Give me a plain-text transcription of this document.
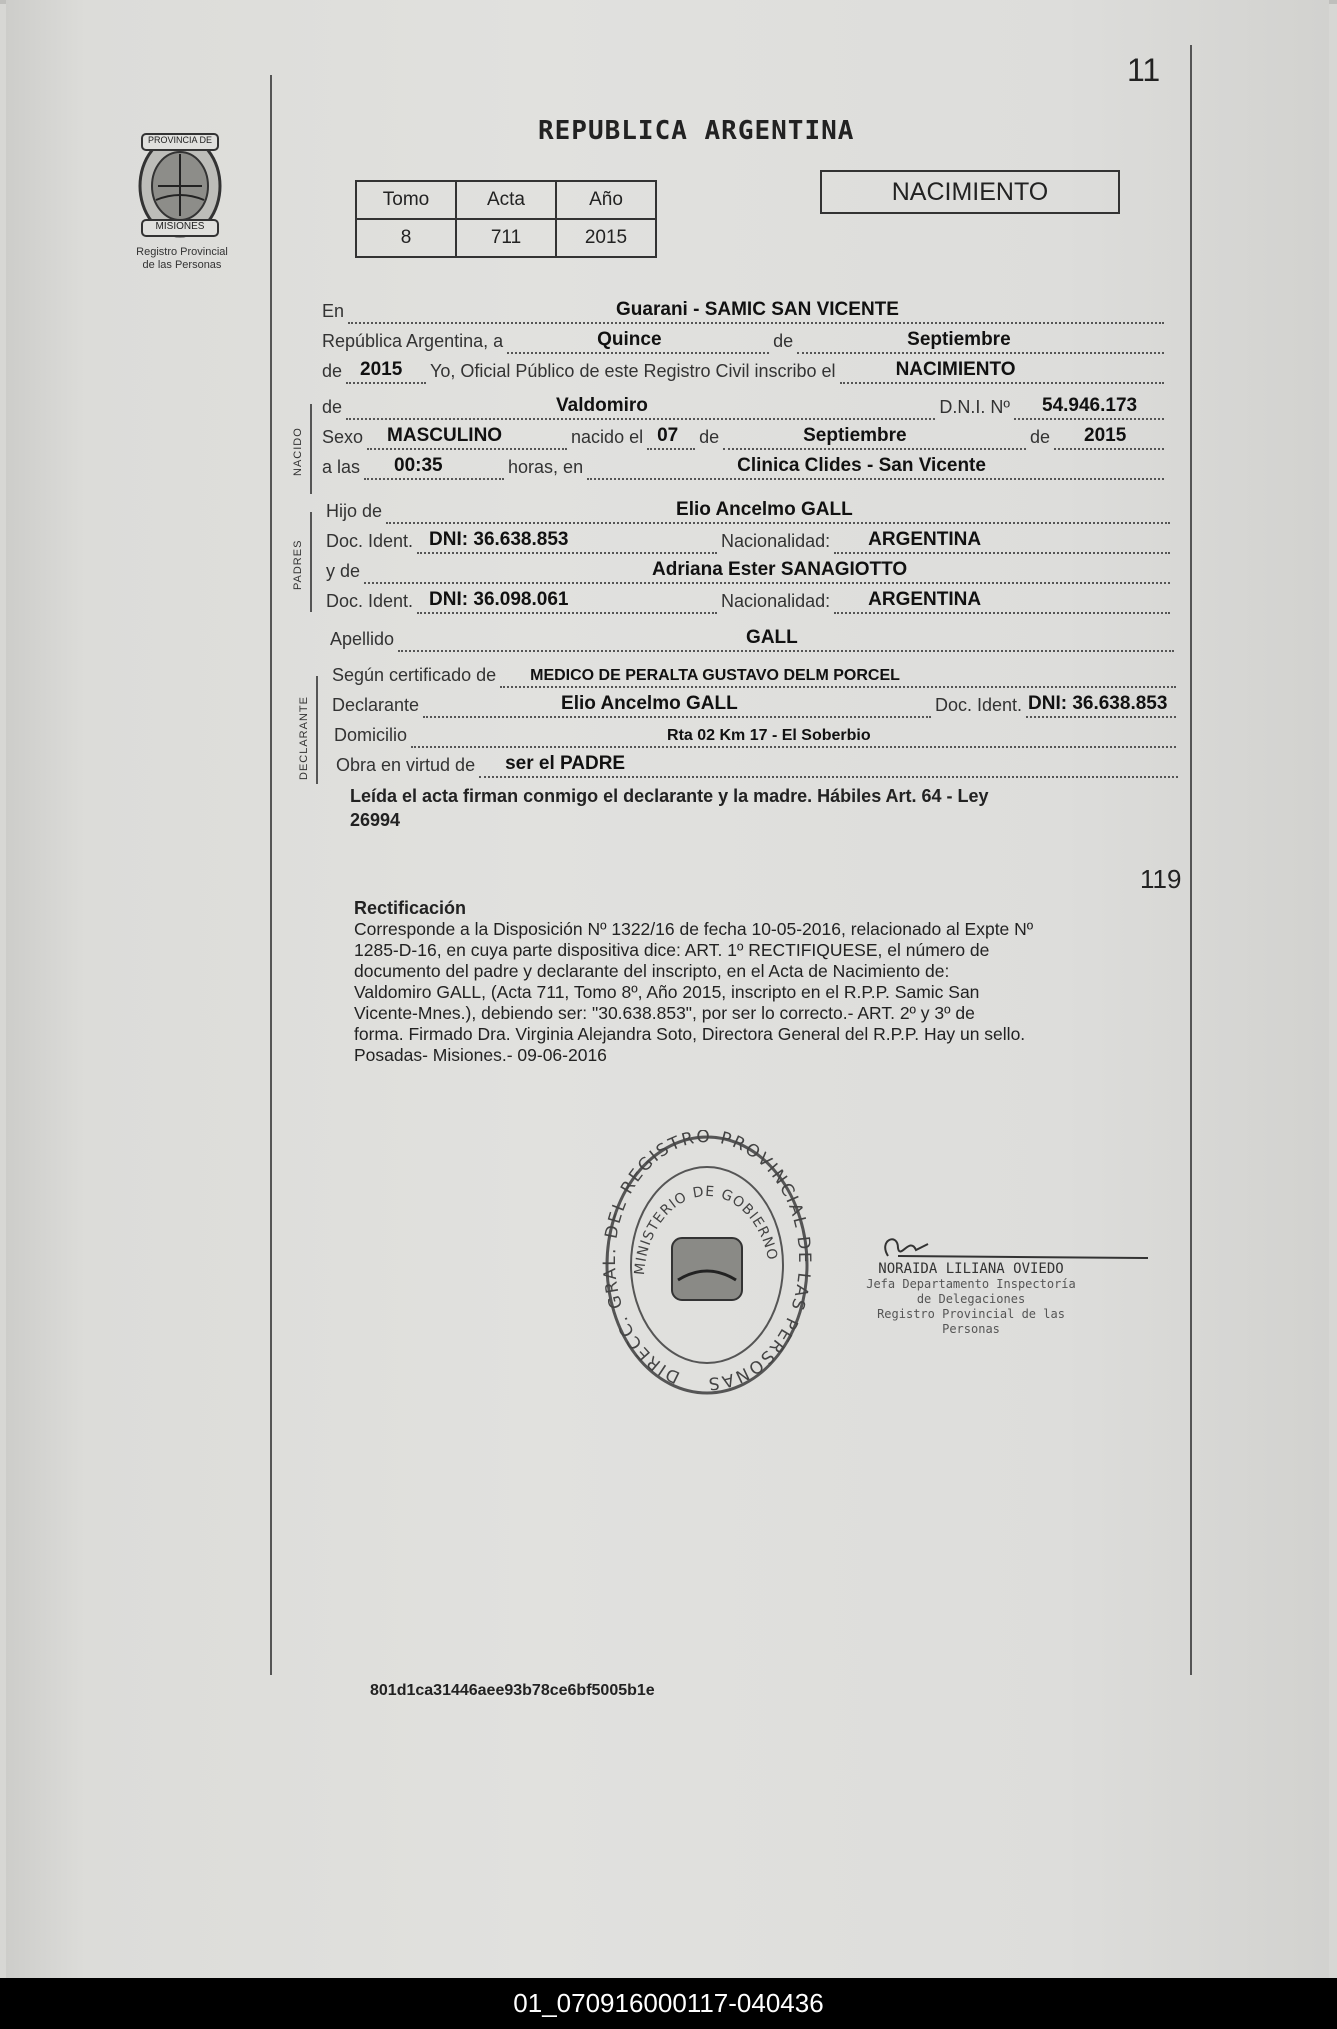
11
PROVINCIA DE
MISIONES
Registro Provincial
de las Personas
REPUBLICA ARGENTINA
Tomo	Acta	Año
8	711	2015
NACIMIENTO
En	Guarani - SAMIC SAN VICENTE
República Argentina, a	Quince	de	Septiembre
de 2015 Yo, Oficial Público de este Registro Civil inscribo el	NACIMIENTO
NACIDO
de	Valdomiro	D.N.I. Nº 54.946.173
Sexo MASCULINO	nacido el 07 de	Septiembre	de 2015
a las 00:35	horas, en	Clinica Clides - San Vicente
PADRES
Hijo de	Elio Ancelmo GALL
Doc. Ident. DNI: 36.638.853	Nacionalidad: ARGENTINA
y de	Adriana Ester SANAGIOTTO
Doc. Ident. DNI: 36.098.061	Nacionalidad: ARGENTINA
Apellido	GALL
DECLARANTE
Según certificado de MEDICO DE PERALTA GUSTAVO DELM PORCEL
Declarante	Elio Ancelmo GALL	Doc. Ident. DNI: 36.638.853
Domicilio	Rta 02 Km 17 - El Soberbio
Obra en virtud de ser el PADRE
Leída el acta firman conmigo el declarante y la madre. Hábiles Art. 64 - Ley
26994
119
Rectificación
Corresponde a la Disposición Nº 1322/16 de fecha 10-05-2016, relacionado al Expte Nº
1285-D-16, en cuya parte dispositiva dice: ART. 1º RECTIFIQUESE, el número de
documento del padre y declarante del inscripto, en el Acta de Nacimiento de:
Valdomiro GALL, (Acta 711, Tomo 8º, Año 2015, inscripto en el R.P.P. Samic San
Vicente-Mnes.), debiendo ser: "30.638.853", por ser lo correcto.- ART. 2º y 3º de
forma. Firmado Dra. Virginia Alejandra Soto, Directora General del R.P.P. Hay un sello.
Posadas- Misiones.- 09-06-2016
DIRECC. GRAL. DEL REGISTRO PROVINCIAL DE LAS PERSONAS
MINISTERIO DE GOBIERNO
NORAIDA LILIANA OVIEDO
Jefa Departamento Inspectoría
de Delegaciones
Registro Provincial de las Personas
801d1ca31446aee93b78ce6bf5005b1e
01_070916000117-040436
